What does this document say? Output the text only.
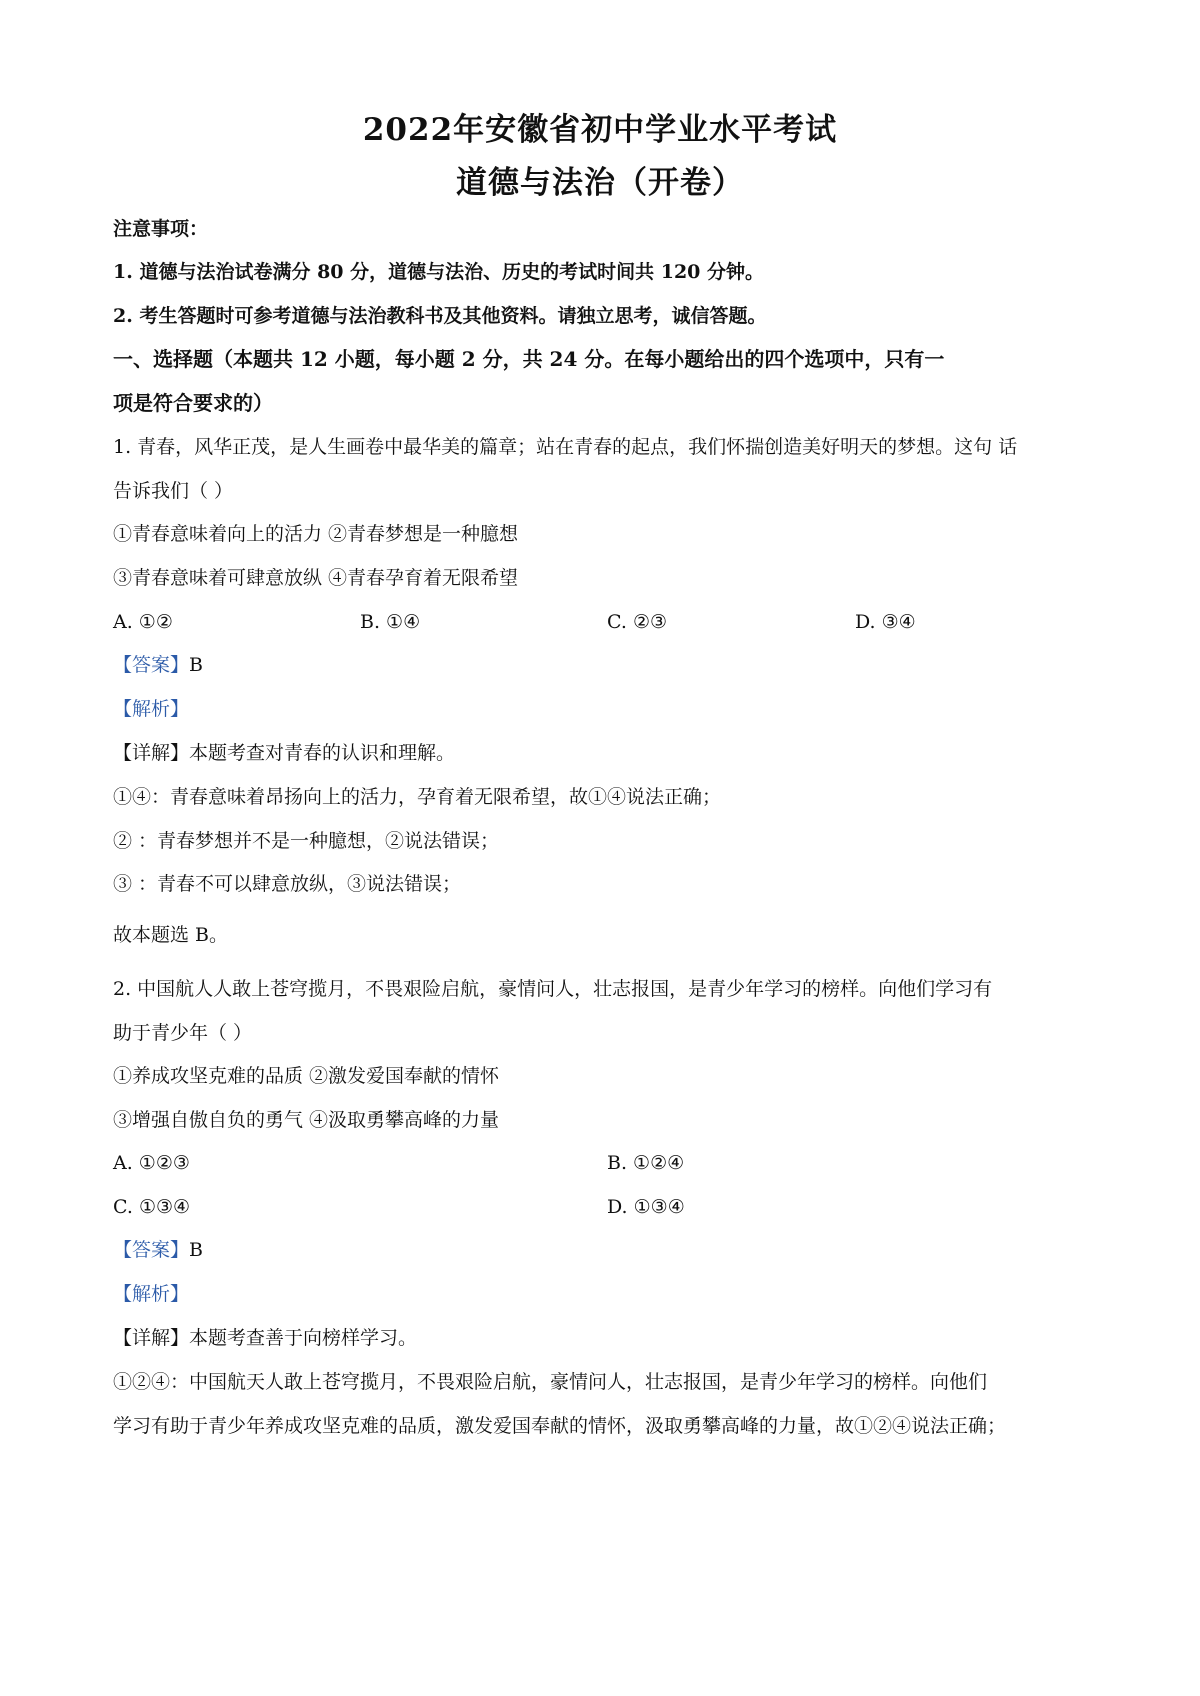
2022年安徽省初中学业水平考试
道德与法治（开卷）
注意事项：
1. 道德与法治试卷满分 80 分，道德与法治、历史的考试时间共 120 分钟。
2. 考生答题时可参考道德与法治教科书及其他资料。请独立思考，诚信答题。
一、选择题（本题共 12 小题，每小题 2 分，共 24 分。在每小题给出的四个选项中，只有一
项是符合要求的）
1. 青春，风华正茂，是人生画卷中最华美的篇章；站在青春的起点，我们怀揣创造美好明天的梦想。这句 话
告诉我们（ ）
①青春意味着向上的活力 ②青春梦想是一种臆想
③青春意味着可肆意放纵 ④青春孕育着无限希望
A. ①②	B. ①④	C. ②③	D. ③④
【答案】B
【解析】
【详解】本题考查对青春的认识和理解。
①④：青春意味着昂扬向上的活力，孕育着无限希望，故①④说法正确；
② ：青春梦想并不是一种臆想，②说法错误；
③ ：青春不可以肆意放纵，③说法错误；
故本题选 B。
2. 中国航人人敢上苍穹揽月，不畏艰险启航，豪情问人，壮志报国，是青少年学习的榜样。向他们学习有
助于青少年（ ）
①养成攻坚克难的品质 ②激发爱国奉献的情怀
③增强自傲自负的勇气 ④汲取勇攀高峰的力量
A. ①②③	B. ①②④
C. ①③④	D. ①③④
【答案】B
【解析】
【详解】本题考查善于向榜样学习。
①②④：中国航天人敢上苍穹揽月，不畏艰险启航，豪情问人，壮志报国，是青少年学习的榜样。向他们
学习有助于青少年养成攻坚克难的品质，激发爱国奉献的情怀，汲取勇攀高峰的力量，故①②④说法正确；
